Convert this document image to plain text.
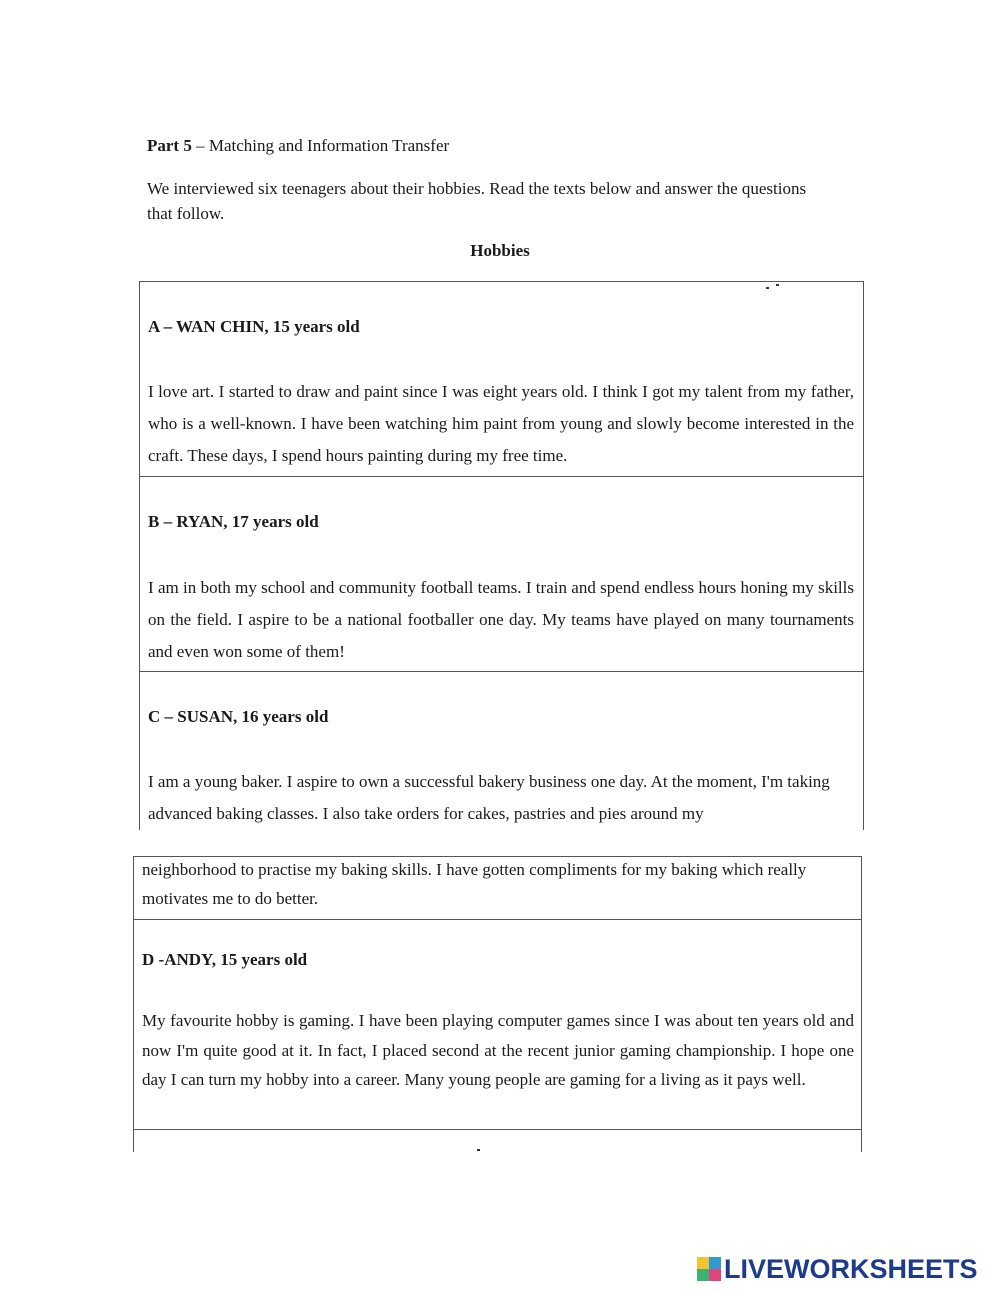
Part 5 – Matching and Information Transfer
We interviewed six teenagers about their hobbies. Read the texts below and answer the questions that follow.
Hobbies
A – WAN CHIN, 15 years old
I love art. I started to draw and paint since I was eight years old. I think I got my talent from my father, who is a well-known. I have been watching him paint from young and slowly become interested in the craft. These days, I spend hours painting during my free time.
B – RYAN, 17 years old
I am in both my school and community football teams. I train and spend endless hours honing my skills on the field. I aspire to be a national footballer one day. My teams have played on many tournaments and even won some of them!
C – SUSAN, 16 years old
I am a young baker. I aspire to own a successful bakery business one day. At the moment, I'm taking advanced baking classes. I also take orders for cakes, pastries and pies around my
neighborhood to practise my baking skills. I have gotten compliments for my baking which really motivates me to do better.
D -ANDY, 15 years old
My favourite hobby is gaming. I have been playing computer games since I was about ten years old and now I'm quite good at it. In fact, I placed second at the recent junior gaming championship. I hope one day I can turn my hobby into a career. Many young people are gaming for a living as it pays well.
LIVEWORKSHEETS
